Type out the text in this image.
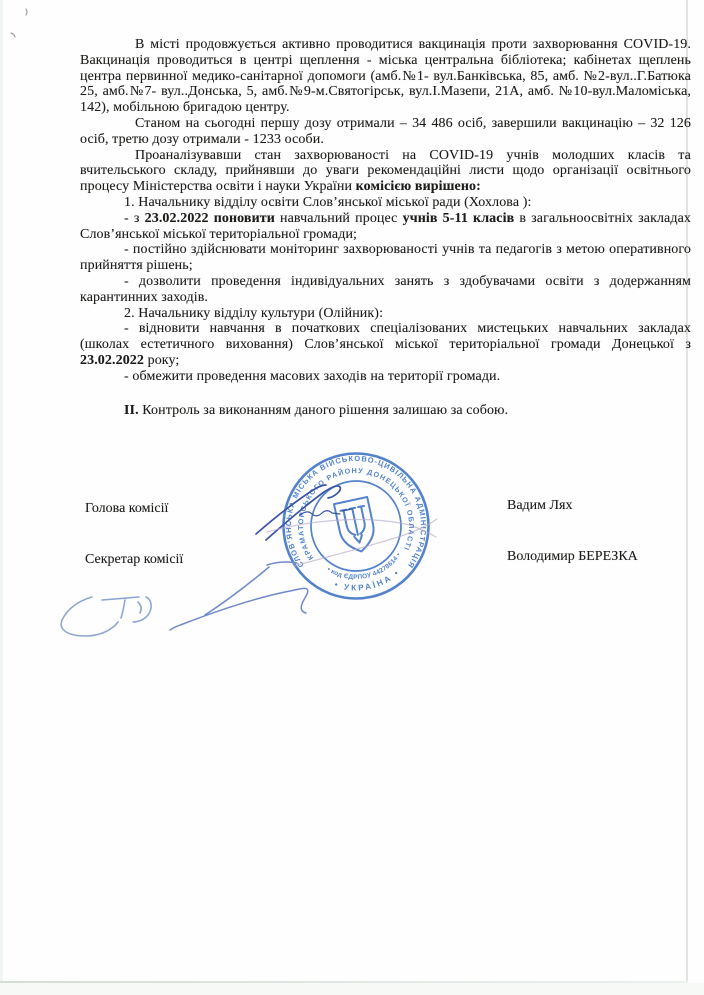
В місті продовжується активно проводитися вакцинація проти захворювання COVID-19. Вакцинація проводиться в центрі щеплення - міська центральна бібліотека; кабінетах щеплень центра первинної медико-санітарної допомоги (амб.№1- вул.Банківська, 85, амб. №2-вул..Г.Батюка 25, амб.№7- вул..Донська, 5, амб.№9-м.Святогірськ, вул.І.Мазепи, 21А, амб. №10-вул.Маломіська, 142), мобільною бригадою центру.

Станом на сьогодні першу дозу отримали – 34 486 осіб, завершили вакцинацію – 32 126 осіб, третю дозу отримали - 1233 особи.

Проаналізувавши стан захворюваності на COVID-19 учнів молодших класів та вчительського складу, прийнявши до уваги рекомендаційні листи щодо організації освітнього процесу Міністерства освіти і науки України комісією вирішено:

1. Начальнику відділу освіти Слов’янської міської ради (Хохлова ):

- з 23.02.2022 поновити навчальний процес учнів 5-11 класів в загальноосвітніх закладах Слов’янської міської територіальної громади;

- постійно здійснювати моніторинг захворюваності учнів та педагогів з метою оперативного прийняття рішень;

- дозволити проведення індивідуальних занять з здобувачами освіти з додержанням карантинних заходів.

2. Начальнику відділу культури (Олійник):

- відновити навчання в початкових спеціалізованих мистецьких навчальних закладах (школах естетичного виховання) Слов’янської міської територіальної громади Донецької з 23.02.2022 року;

- обмежити проведення масових заходів на території громади.

II. Контроль за виконанням даного рішення залишаю за собою.

Голова комісії	Вадим Лях
Секретар комісії	Володимир БЕРЕЗКА
СЛОВ’ЯНСЬКА МІСЬКА ВІЙСЬКОВО-ЦИВІЛЬНА АДМІНІСТРАЦІЯ
КРАМАТОРСЬКОГО РАЙОНУ ДОНЕЦЬКОЇ ОБЛАСТІ
• код ЄДРПОУ 44278614 •
• УКРАЇНА •
